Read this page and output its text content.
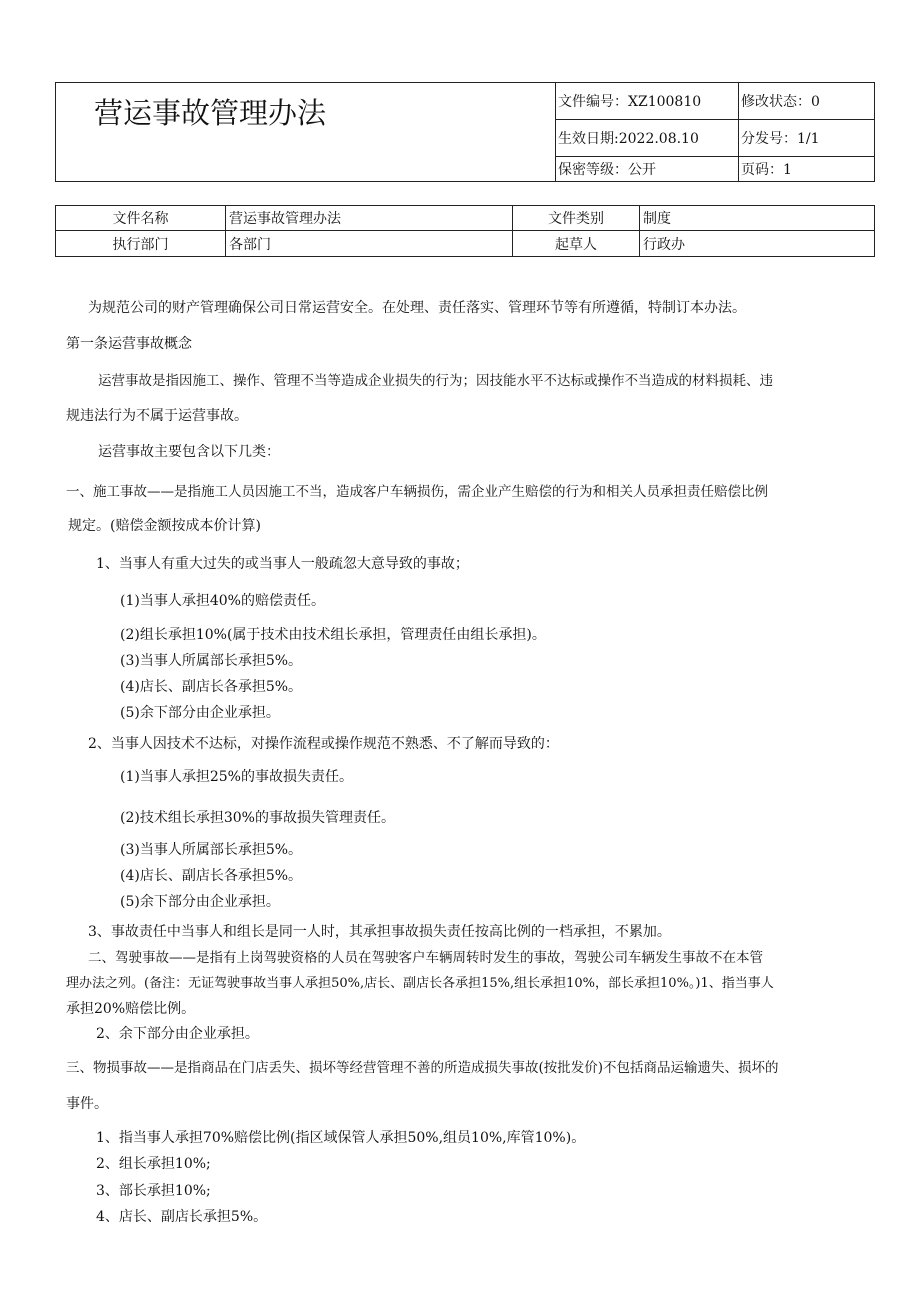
营运事故管理办法	文件编号：XZ100810	修改状态：0
	生效日期:2022.08.10	分发号：1/1
	保密等级：公开	页码：1
文件名称	营运事故管理办法	文件类别	制度
执行部门	各部门	起草人	行政办
为规范公司的财产管理确保公司日常运营安全。在处理、责任落实、管理环节等有所遵循，特制订本办法。
第一条运营事故概念
运营事故是指因施工、操作、管理不当等造成企业损失的行为；因技能水平不达标或操作不当造成的材料损耗、违
规违法行为不属于运营事故。
运营事故主要包含以下几类：
一、施工事故——是指施工人员因施工不当，造成客户车辆损伤，需企业产生赔偿的行为和相关人员承担责任赔偿比例
规定。(赔偿金额按成本价计算)
1、当事人有重大过失的或当事人一般疏忽大意导致的事故；
(1)当事人承担40%的赔偿责任。
(2)组长承担10%(属于技术由技术组长承担，管理责任由组长承担)。
(3)当事人所属部长承担5%。
(4)店长、副店长各承担5%。
(5)余下部分由企业承担。
2、当事人因技术不达标，对操作流程或操作规范不熟悉、不了解而导致的：
(1)当事人承担25%的事故损失责任。
(2)技术组长承担30%的事故损失管理责任。
(3)当事人所属部长承担5%。
(4)店长、副店长各承担5%。
(5)余下部分由企业承担。
3、事故责任中当事人和组长是同一人时，其承担事故损失责任按高比例的一档承担，不累加。
二、驾驶事故——是指有上岗驾驶资格的人员在驾驶客户车辆周转时发生的事故，驾驶公司车辆发生事故不在本管
理办法之列。(备注：无证驾驶事故当事人承担50%,店长、副店长各承担15%,组长承担10%，部长承担10%。)1、指当事人
承担20%赔偿比例。
2、余下部分由企业承担。
三、物损事故——是指商品在门店丢失、损坏等经营管理不善的所造成损失事故(按批发价)不包括商品运输遗失、损坏的
事件。
1、指当事人承担70%赔偿比例(指区域保管人承担50%,组员10%,库管10%)。
2、组长承担10%;
3、部长承担10%;
4、店长、副店长承担5%。
